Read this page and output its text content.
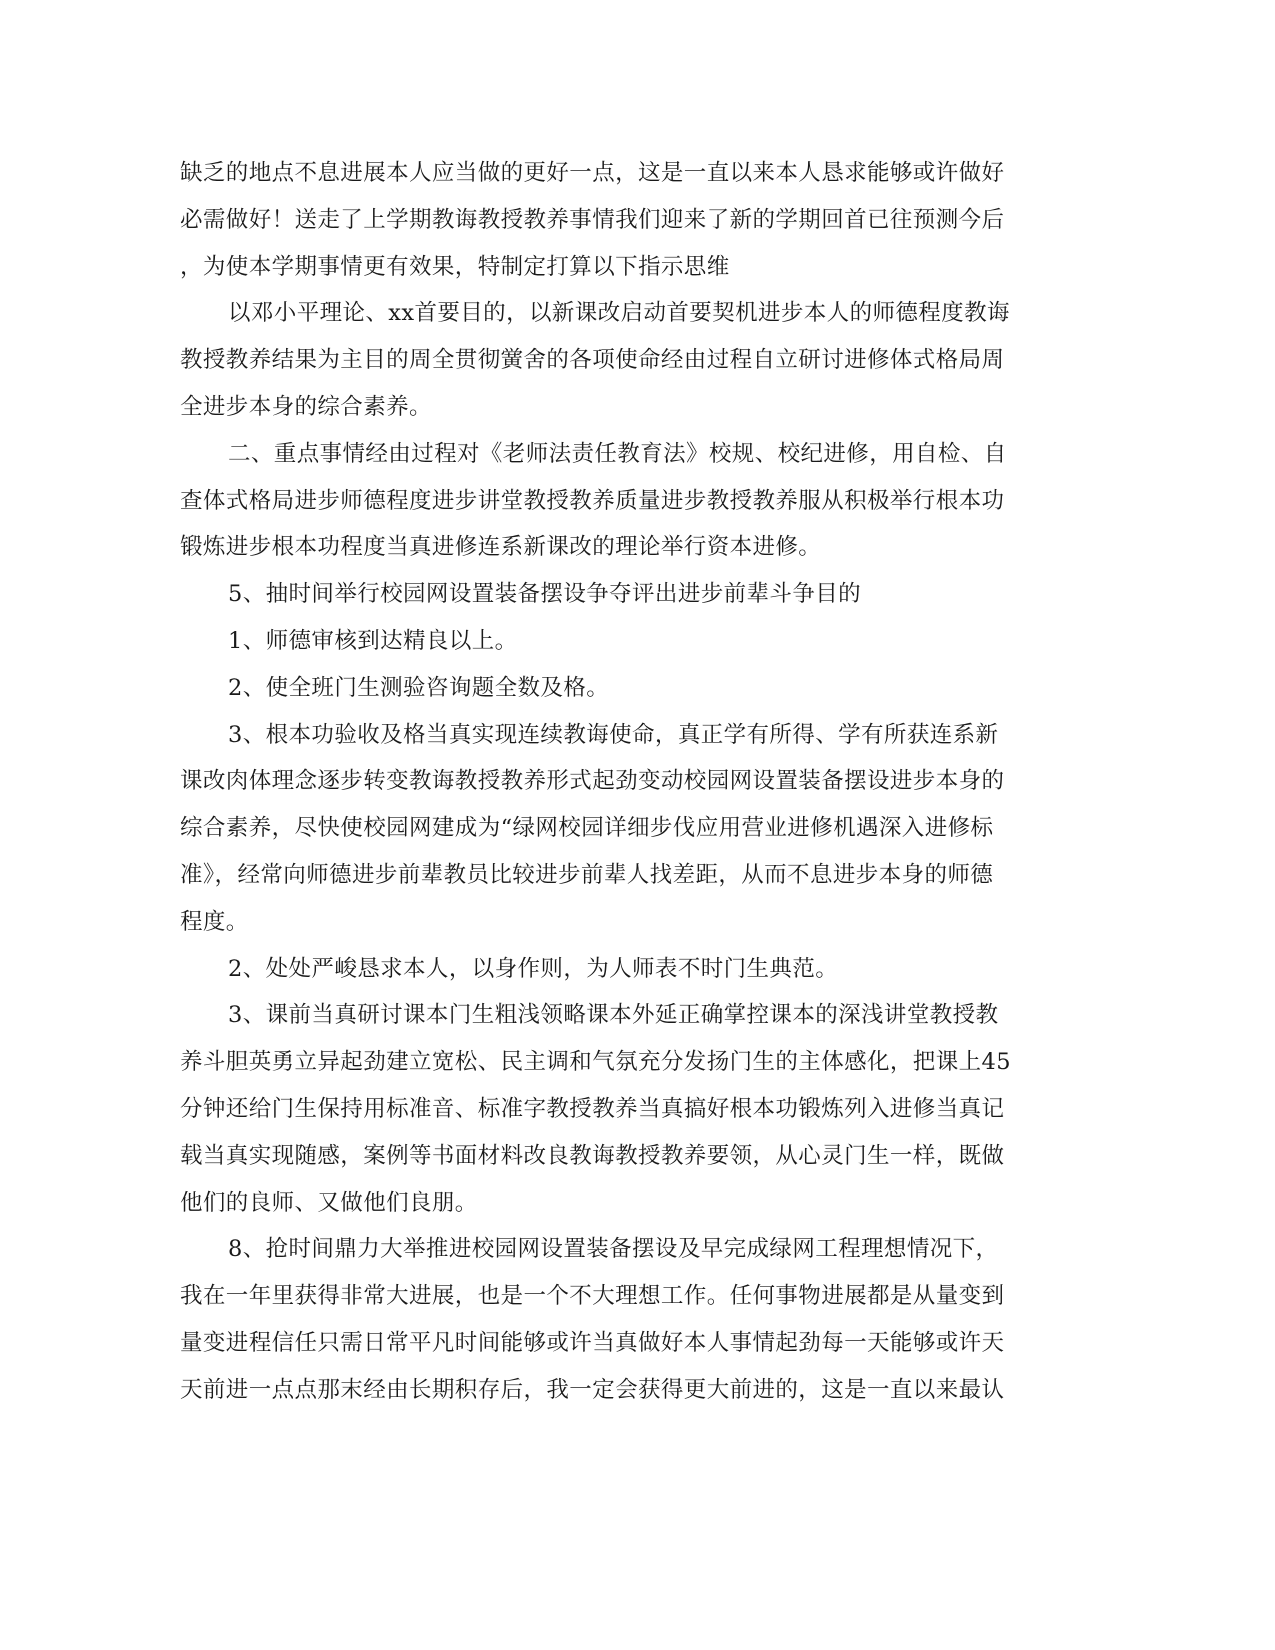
缺乏的地点不息进展本人应当做的更好一点，这是一直以来本人恳求能够或许做好
必需做好！送走了上学期教诲教授教养事情我们迎来了新的学期回首已往预测今后
，为使本学期事情更有效果，特制定打算以下指示思维
以邓小平理论、xx首要目的，以新课改启动首要契机进步本人的师德程度教诲
教授教养结果为主目的周全贯彻黉舍的各项使命经由过程自立研讨进修体式格局周
全进步本身的综合素养。
二、重点事情经由过程对《老师法责任教育法》校规、校纪进修，用自检、自
查体式格局进步师德程度进步讲堂教授教养质量进步教授教养服从积极举行根本功
锻炼进步根本功程度当真进修连系新课改的理论举行资本进修。
5、抽时间举行校园网设置装备摆设争夺评出进步前辈斗争目的
1、师德审核到达精良以上。
2、使全班门生测验咨询题全数及格。
3、根本功验收及格当真实现连续教诲使命，真正学有所得、学有所获连系新
课改肉体理念逐步转变教诲教授教养形式起劲变动校园网设置装备摆设进步本身的
综合素养，尽快使校园网建成为“绿网校园详细步伐应用营业进修机遇深入进修标
准》，经常向师德进步前辈教员比较进步前辈人找差距，从而不息进步本身的师德
程度。
2、处处严峻恳求本人，以身作则，为人师表不时门生典范。
3、课前当真研讨课本门生粗浅领略课本外延正确掌控课本的深浅讲堂教授教
养斗胆英勇立异起劲建立宽松、民主调和气氛充分发扬门生的主体感化，把课上45
分钟还给门生保持用标准音、标准字教授教养当真搞好根本功锻炼列入进修当真记
载当真实现随感，案例等书面材料改良教诲教授教养要领，从心灵门生一样，既做
他们的良师、又做他们良朋。
8、抢时间鼎力大举推进校园网设置装备摆设及早完成绿网工程理想情况下，
我在一年里获得非常大进展，也是一个不大理想工作。任何事物进展都是从量变到
量变进程信任只需日常平凡时间能够或许当真做好本人事情起劲每一天能够或许天
天前进一点点那末经由长期积存后，我一定会获得更大前进的，这是一直以来最认
